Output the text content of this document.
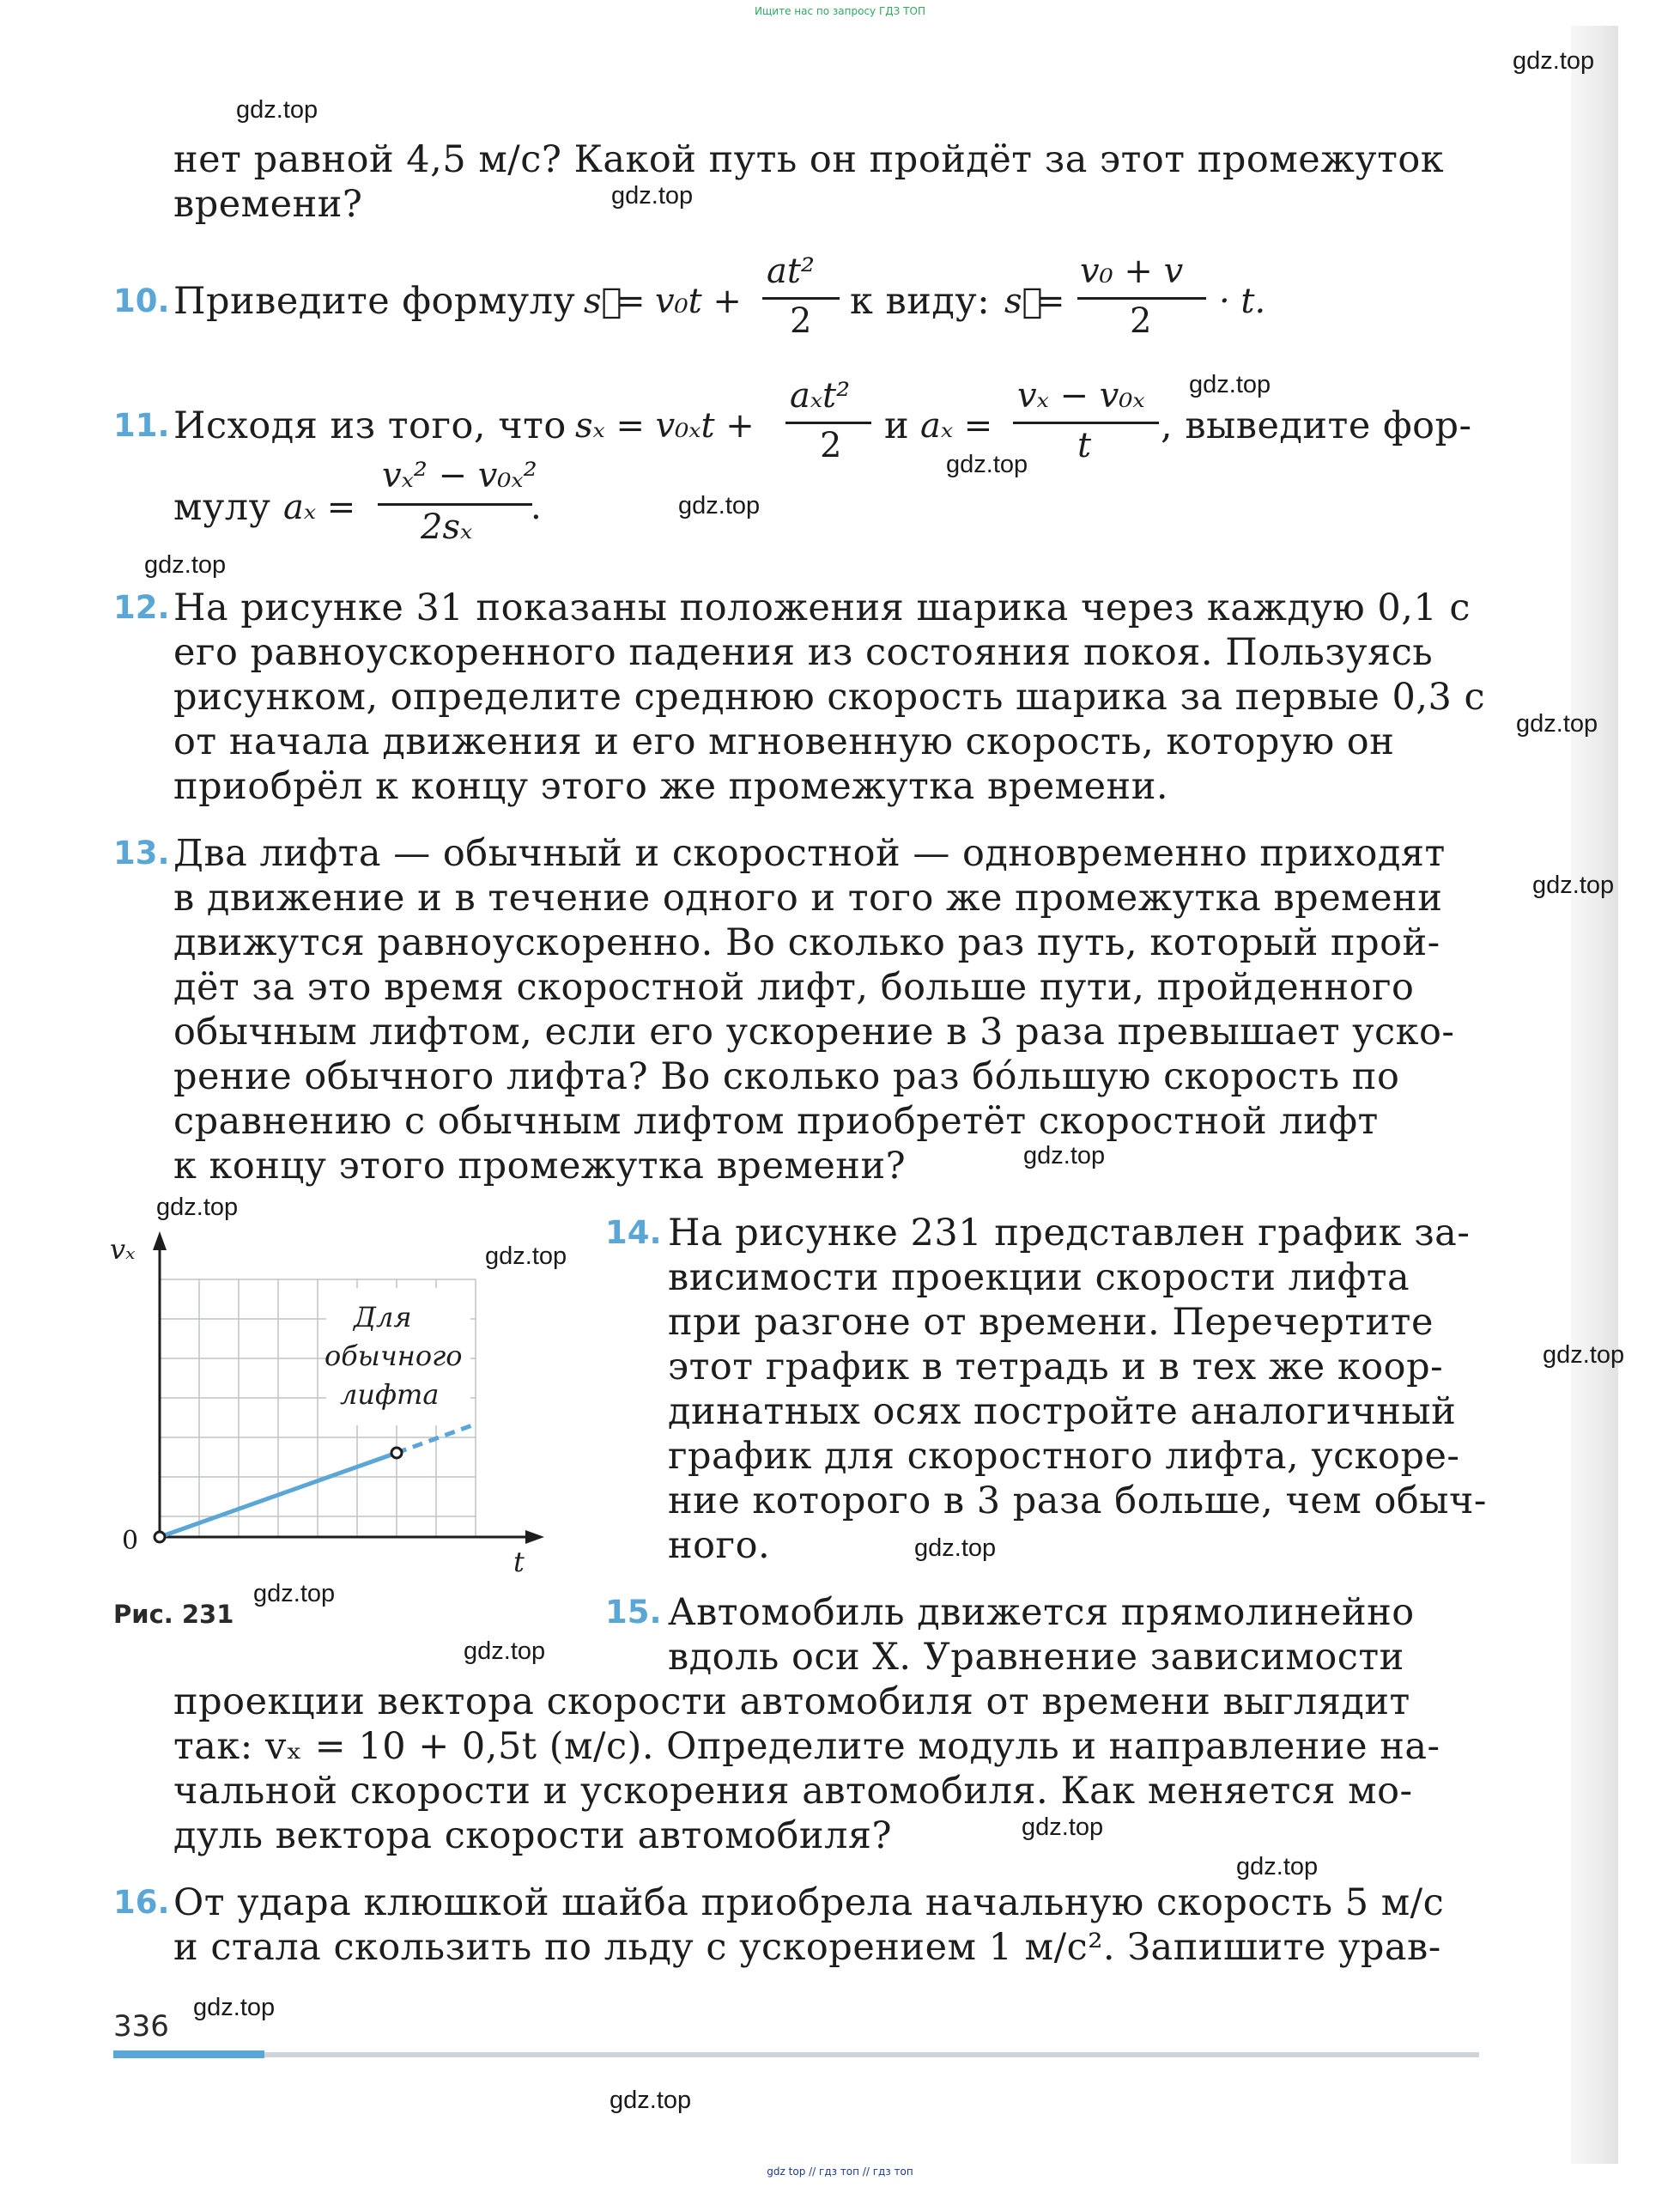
Ищите нас по запросу ГДЗ ТОП
gdz.top
gdz.top
gdz.top
gdz.top
gdz.top
gdz.top
gdz.top
gdz.top
gdz.top
gdz.top
gdz.top
gdz.top
gdz.top
gdz.top
gdz.top
gdz.top
gdz.top
gdz.top
gdz.top
gdz.top
нет равной 4,5 м/с? Какой путь он пройдёт за этот промежуток
времени?
10. Приведите формулу s
= v₀t +
at²
2 к виду: s⃗
=
v₀ + v
2 · t.
11. Исходя из того, что sₓ = v₀ₓt +
aₓt²
2 и aₓ =
vₓ − v₀ₓ
t , выведите фор-
мулу aₓ =
vₓ² − v₀ₓ²
2sₓ .
12. На рисунке 31 показаны положения шарика через каждую 0,1 с
его равноускоренного падения из состояния покоя. Пользуясь
рисунком, определите среднюю скорость шарика за первые 0,3 с
от начала движения и его мгновенную скорость, которую он
приобрёл к концу этого же промежутка времени.
13. Два лифта — обычный и скоростной — одновременно приходят
в движение и в течение одного и того же промежутка времени
движутся равноускоренно. Во сколько раз путь, который прой-
дёт за это время скоростной лифт, больше пути, пройденного
обычным лифтом, если его ускорение в 3 раза превышает уско-
рение обычного лифта? Во сколько раз бóльшую скорость по
сравнению с обычным лифтом приобретёт скоростной лифт
к концу этого промежутка времени?
vₓ
t
0
Для
обычного
лифта
Рис. 231
14. На рисунке 231 представлен график за-
висимости проекции скорости лифта
при разгоне от времени. Перечертите
этот график в тетрадь и в тех же коор-
динатных осях постройте аналогичный
график для скоростного лифта, ускоре-
ние которого в 3 раза больше, чем обыч-
ного.
15. Автомобиль движется прямолинейно
вдоль оси X. Уравнение зависимости
проекции вектора скорости автомобиля от времени выглядит
так: vₓ = 10 + 0,5t (м/с). Определите модуль и направление на-
чальной скорости и ускорения автомобиля. Как меняется мо-
дуль вектора скорости автомобиля?
16. От удара клюшкой шайба приобрела начальную скорость 5 м/с
и стала скользить по льду с ускорением 1 м/с². Запишите урав-
336
gdz top // гдз топ // гдз топ
